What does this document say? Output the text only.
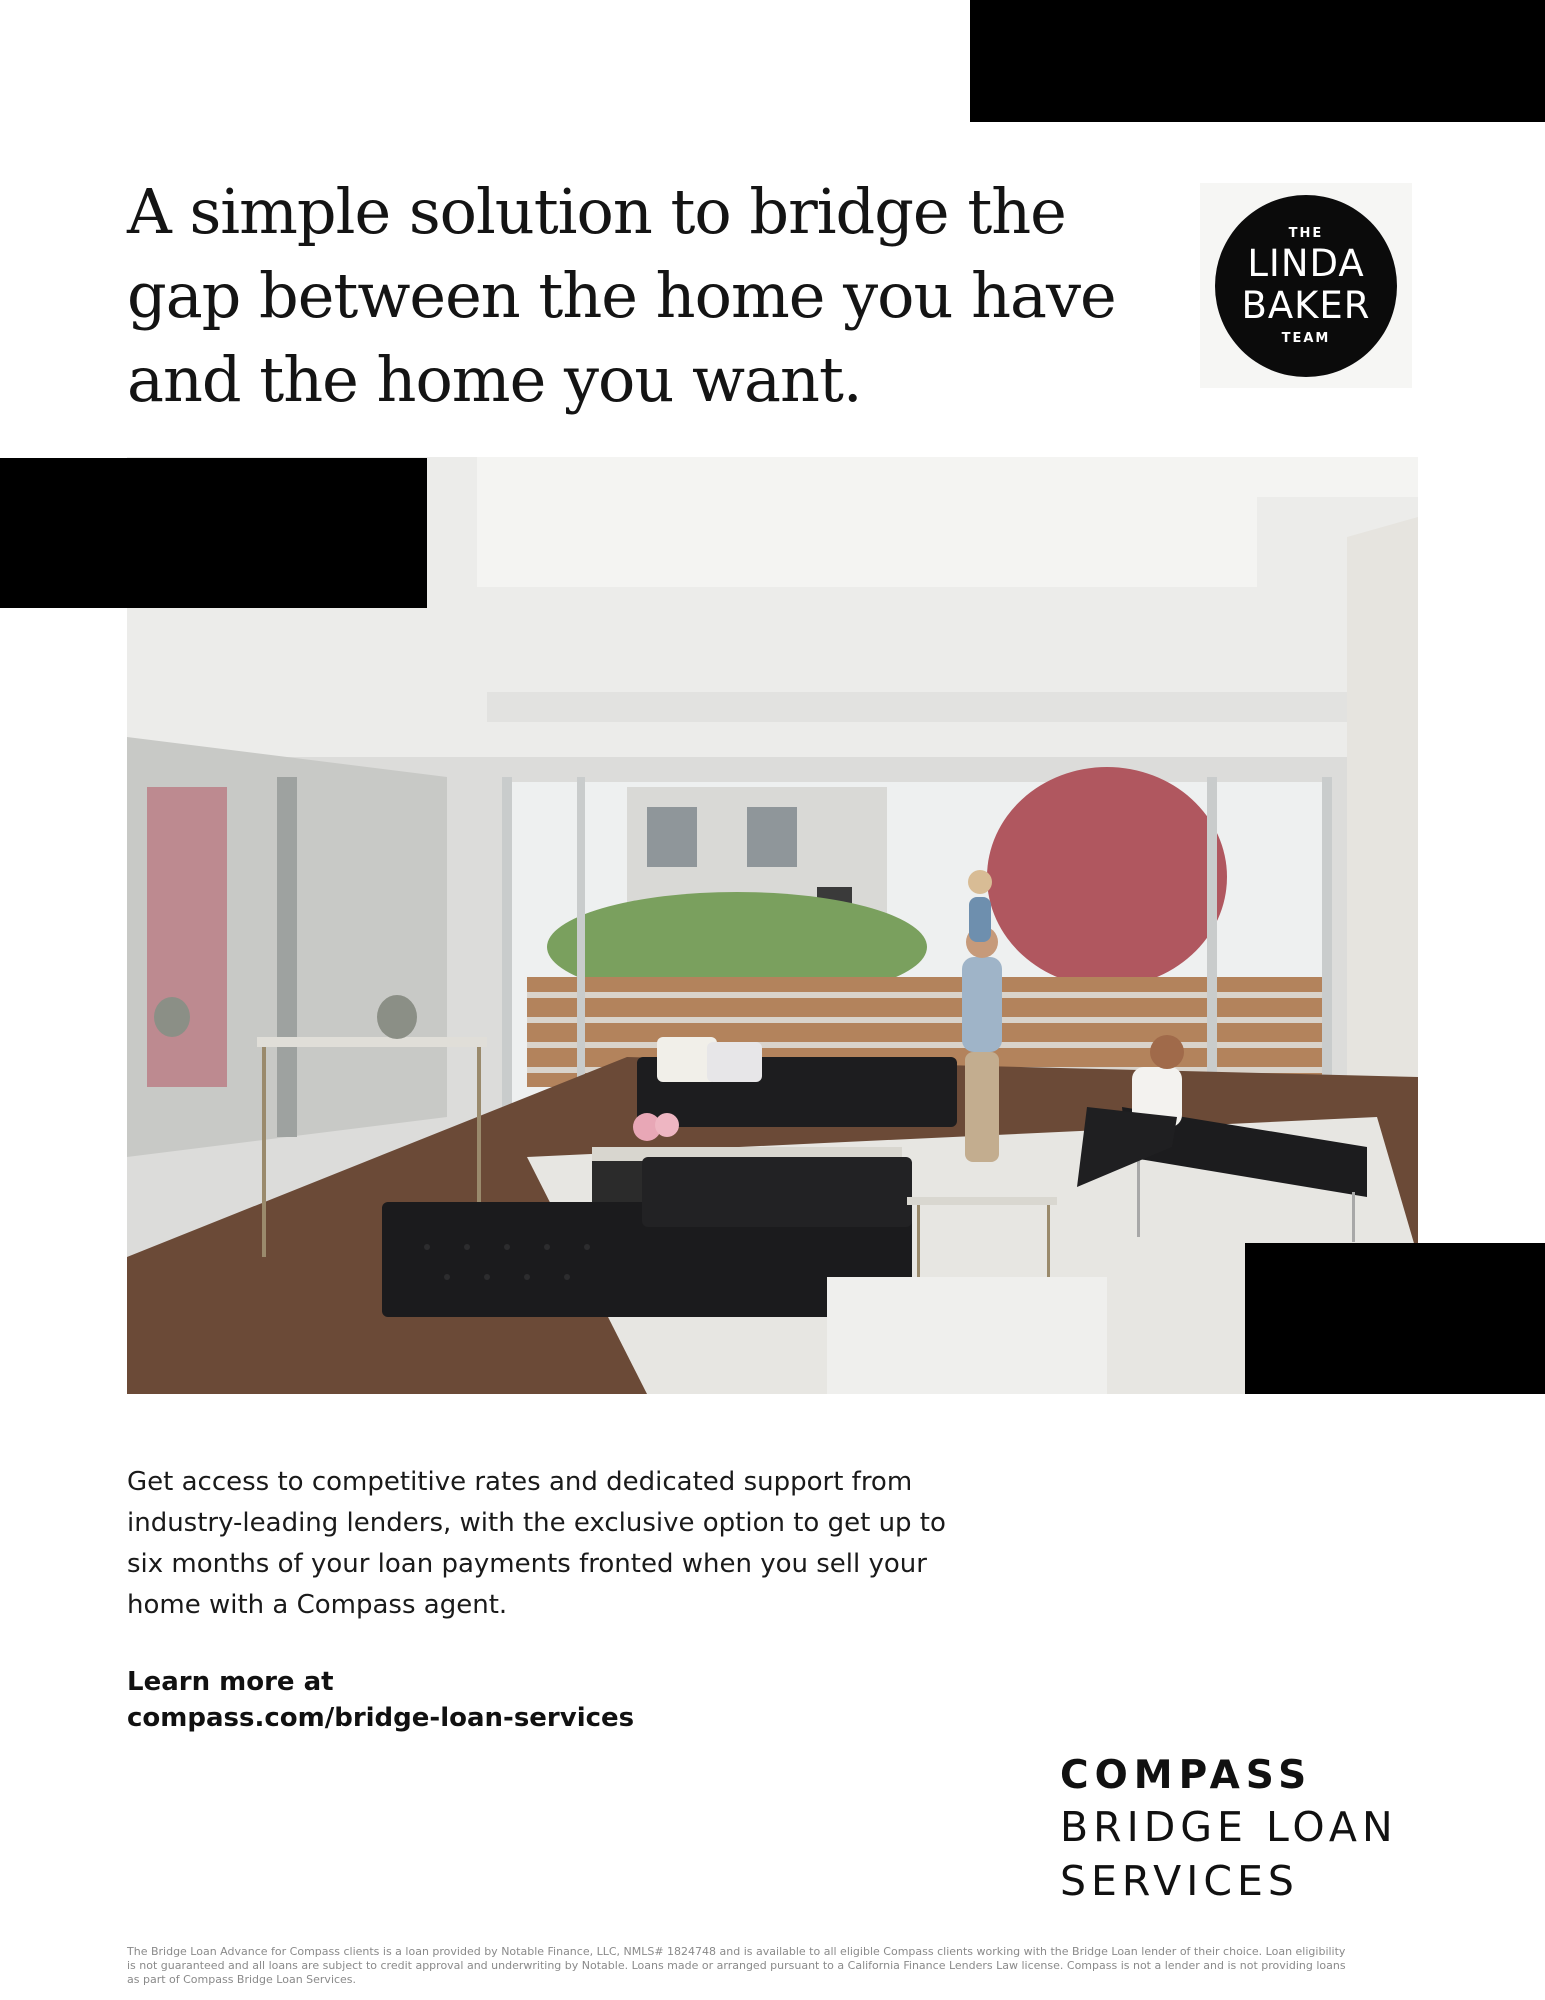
A simple solution to bridge the
gap between the home you have
and the home you want.
THE
LINDA
BAKER
TEAM

Get access to competitive rates and dedicated support from
industry-leading lenders, with the exclusive option to get up to
six months of your loan payments fronted when you sell your
home with a Compass agent.

Learn more at
compass.com/bridge-loan-services

COMPASS
BRIDGE LOAN
SERVICES

The Bridge Loan Advance for Compass clients is a loan provided by Notable Finance, LLC, NMLS# 1824748 and is available to all eligible Compass clients working with the Bridge Loan lender of their choice. Loan eligibility
is not guaranteed and all loans are subject to credit approval and underwriting by Notable. Loans made or arranged pursuant to a California Finance Lenders Law license. Compass is not a lender and is not providing loans
as part of Compass Bridge Loan Services.
